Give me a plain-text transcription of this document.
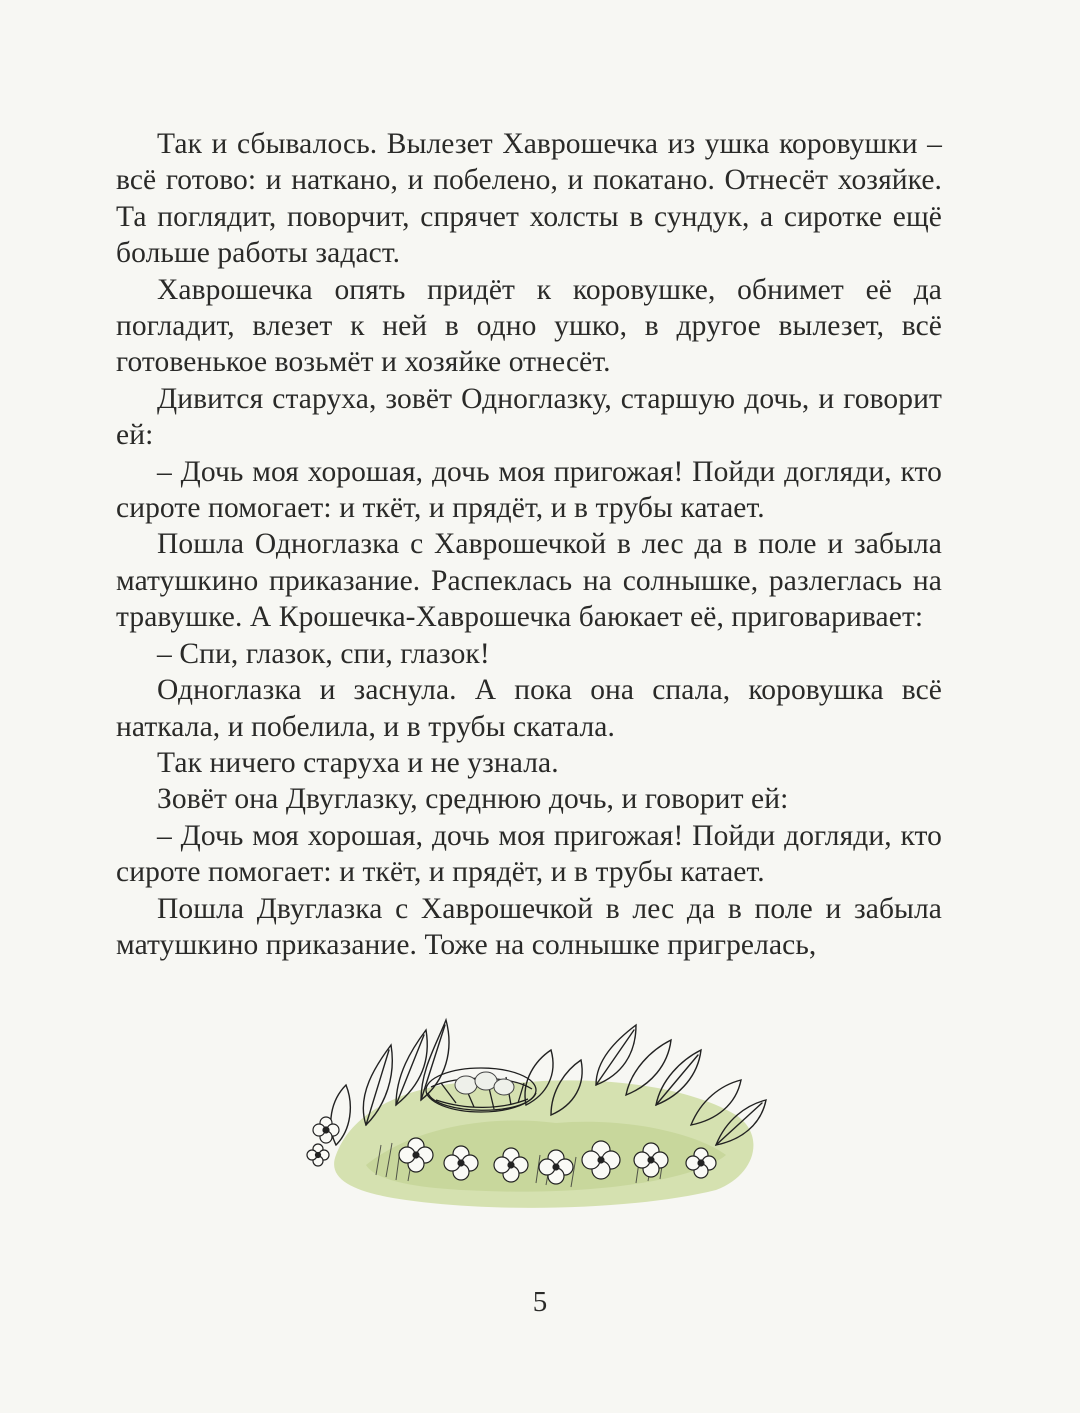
Так и сбывалось. Вылезет Хаврошечка из ушка коровушки – всё готово: и наткано, и побелено, и покатано. Отнесёт хозяйке. Та поглядит, поворчит, спрячет холсты в сундук, а сиротке ещё больше работы задаст.

Хаврошечка опять придёт к коровушке, обнимет её да погладит, влезет к ней в одно ушко, в другое вылезет, всё готовенькое возьмёт и хозяйке отнесёт.

Дивится старуха, зовёт Одноглазку, старшую дочь, и говорит ей:

– Дочь моя хорошая, дочь моя пригожая! Пойди догляди, кто сироте помогает: и ткёт, и прядёт, и в трубы катает.

Пошла Одноглазка с Хаврошечкой в лес да в поле и забыла матушкино приказание. Распеклась на солнышке, разлеглась на травушке. А Крошечка-Хаврошечка баюкает её, приговаривает:

– Спи, глазок, спи, глазок!

Одноглазка и заснула. А пока она спала, коровушка всё наткала, и побелила, и в трубы скатала.

Так ничего старуха и не узнала.

Зовёт она Двуглазку, среднюю дочь, и говорит ей:

– Дочь моя хорошая, дочь моя пригожая! Пойди догляди, кто сироте помогает: и ткёт, и прядёт, и в трубы катает.

Пошла Двуглазка с Хаврошечкой в лес да в поле и забыла матушкино приказание. Тоже на солнышке пригрелась,

5
